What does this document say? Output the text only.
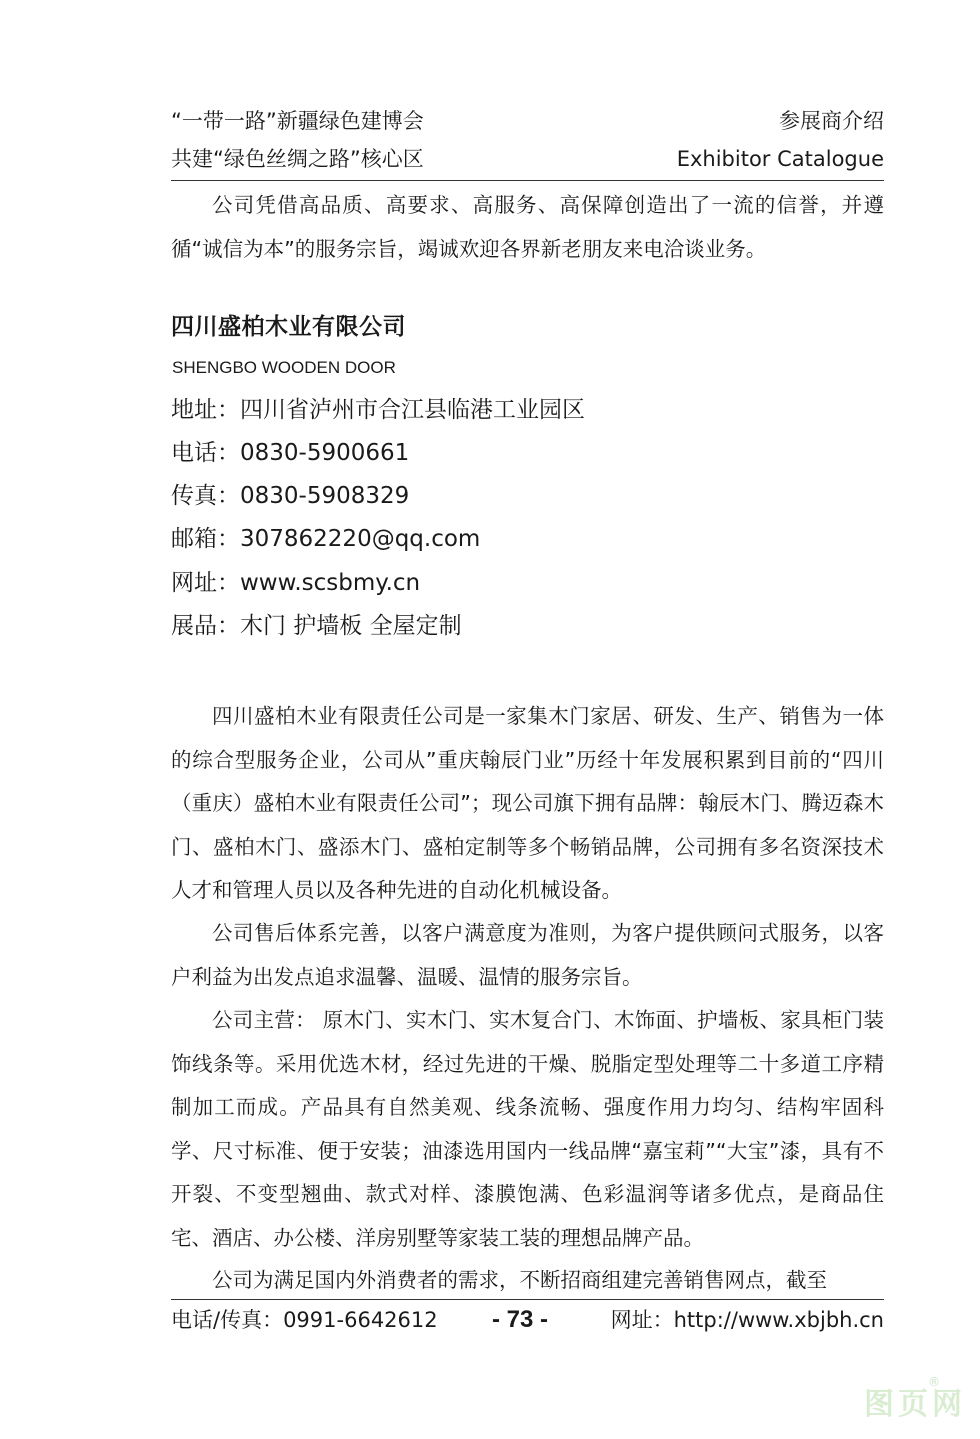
“一带一路”新疆绿色建博会
共建“绿色丝绸之路”核心区
参展商介绍
Exhibitor Catalogue

公司凭借高品质、高要求、高服务、高保障创造出了一流的信誉，并遵循“诚信为本”的服务宗旨，竭诚欢迎各界新老朋友来电洽谈业务。

四川盛柏木业有限公司
SHENGBO WOODEN DOOR
地址：四川省泸州市合江县临港工业园区
电话：0830-5900661
传真：0830-5908329
邮箱：307862220@qq.com
网址：www.scsbmy.cn
展品：木门 护墙板 全屋定制

四川盛柏木业有限责任公司是一家集木门家居、研发、生产、销售为一体的综合型服务企业，公司从”重庆翰辰门业”历经十年发展积累到目前的“四川（重庆）盛柏木业有限责任公司”；现公司旗下拥有品牌：翰辰木门、腾迈森木门、盛柏木门、盛添木门、盛柏定制等多个畅销品牌，公司拥有多名资深技术人才和管理人员以及各种先进的自动化机械设备。

公司售后体系完善，以客户满意度为准则，为客户提供顾问式服务，以客户利益为出发点追求温馨、温暖、温情的服务宗旨。

公司主营： 原木门、实木门、实木复合门、木饰面、护墙板、家具柜门装饰线条等。采用优选木材，经过先进的干燥、脱脂定型处理等二十多道工序精制加工而成。产品具有自然美观、线条流畅、强度作用力均匀、结构牢固科学、尺寸标准、便于安装；油漆选用国内一线品牌“嘉宝莉”“大宝”漆，具有不开裂、不变型翘曲、款式对样、漆膜饱满、色彩温润等诸多优点，是商品住宅、酒店、办公楼、洋房别墅等家装工装的理想品牌产品。

公司为满足国内外消费者的需求，不断招商组建完善销售网点，截至

电话/传真：0991-6642612 - 73 -	网址：http://www.xbjbh.cn
图页网
®
